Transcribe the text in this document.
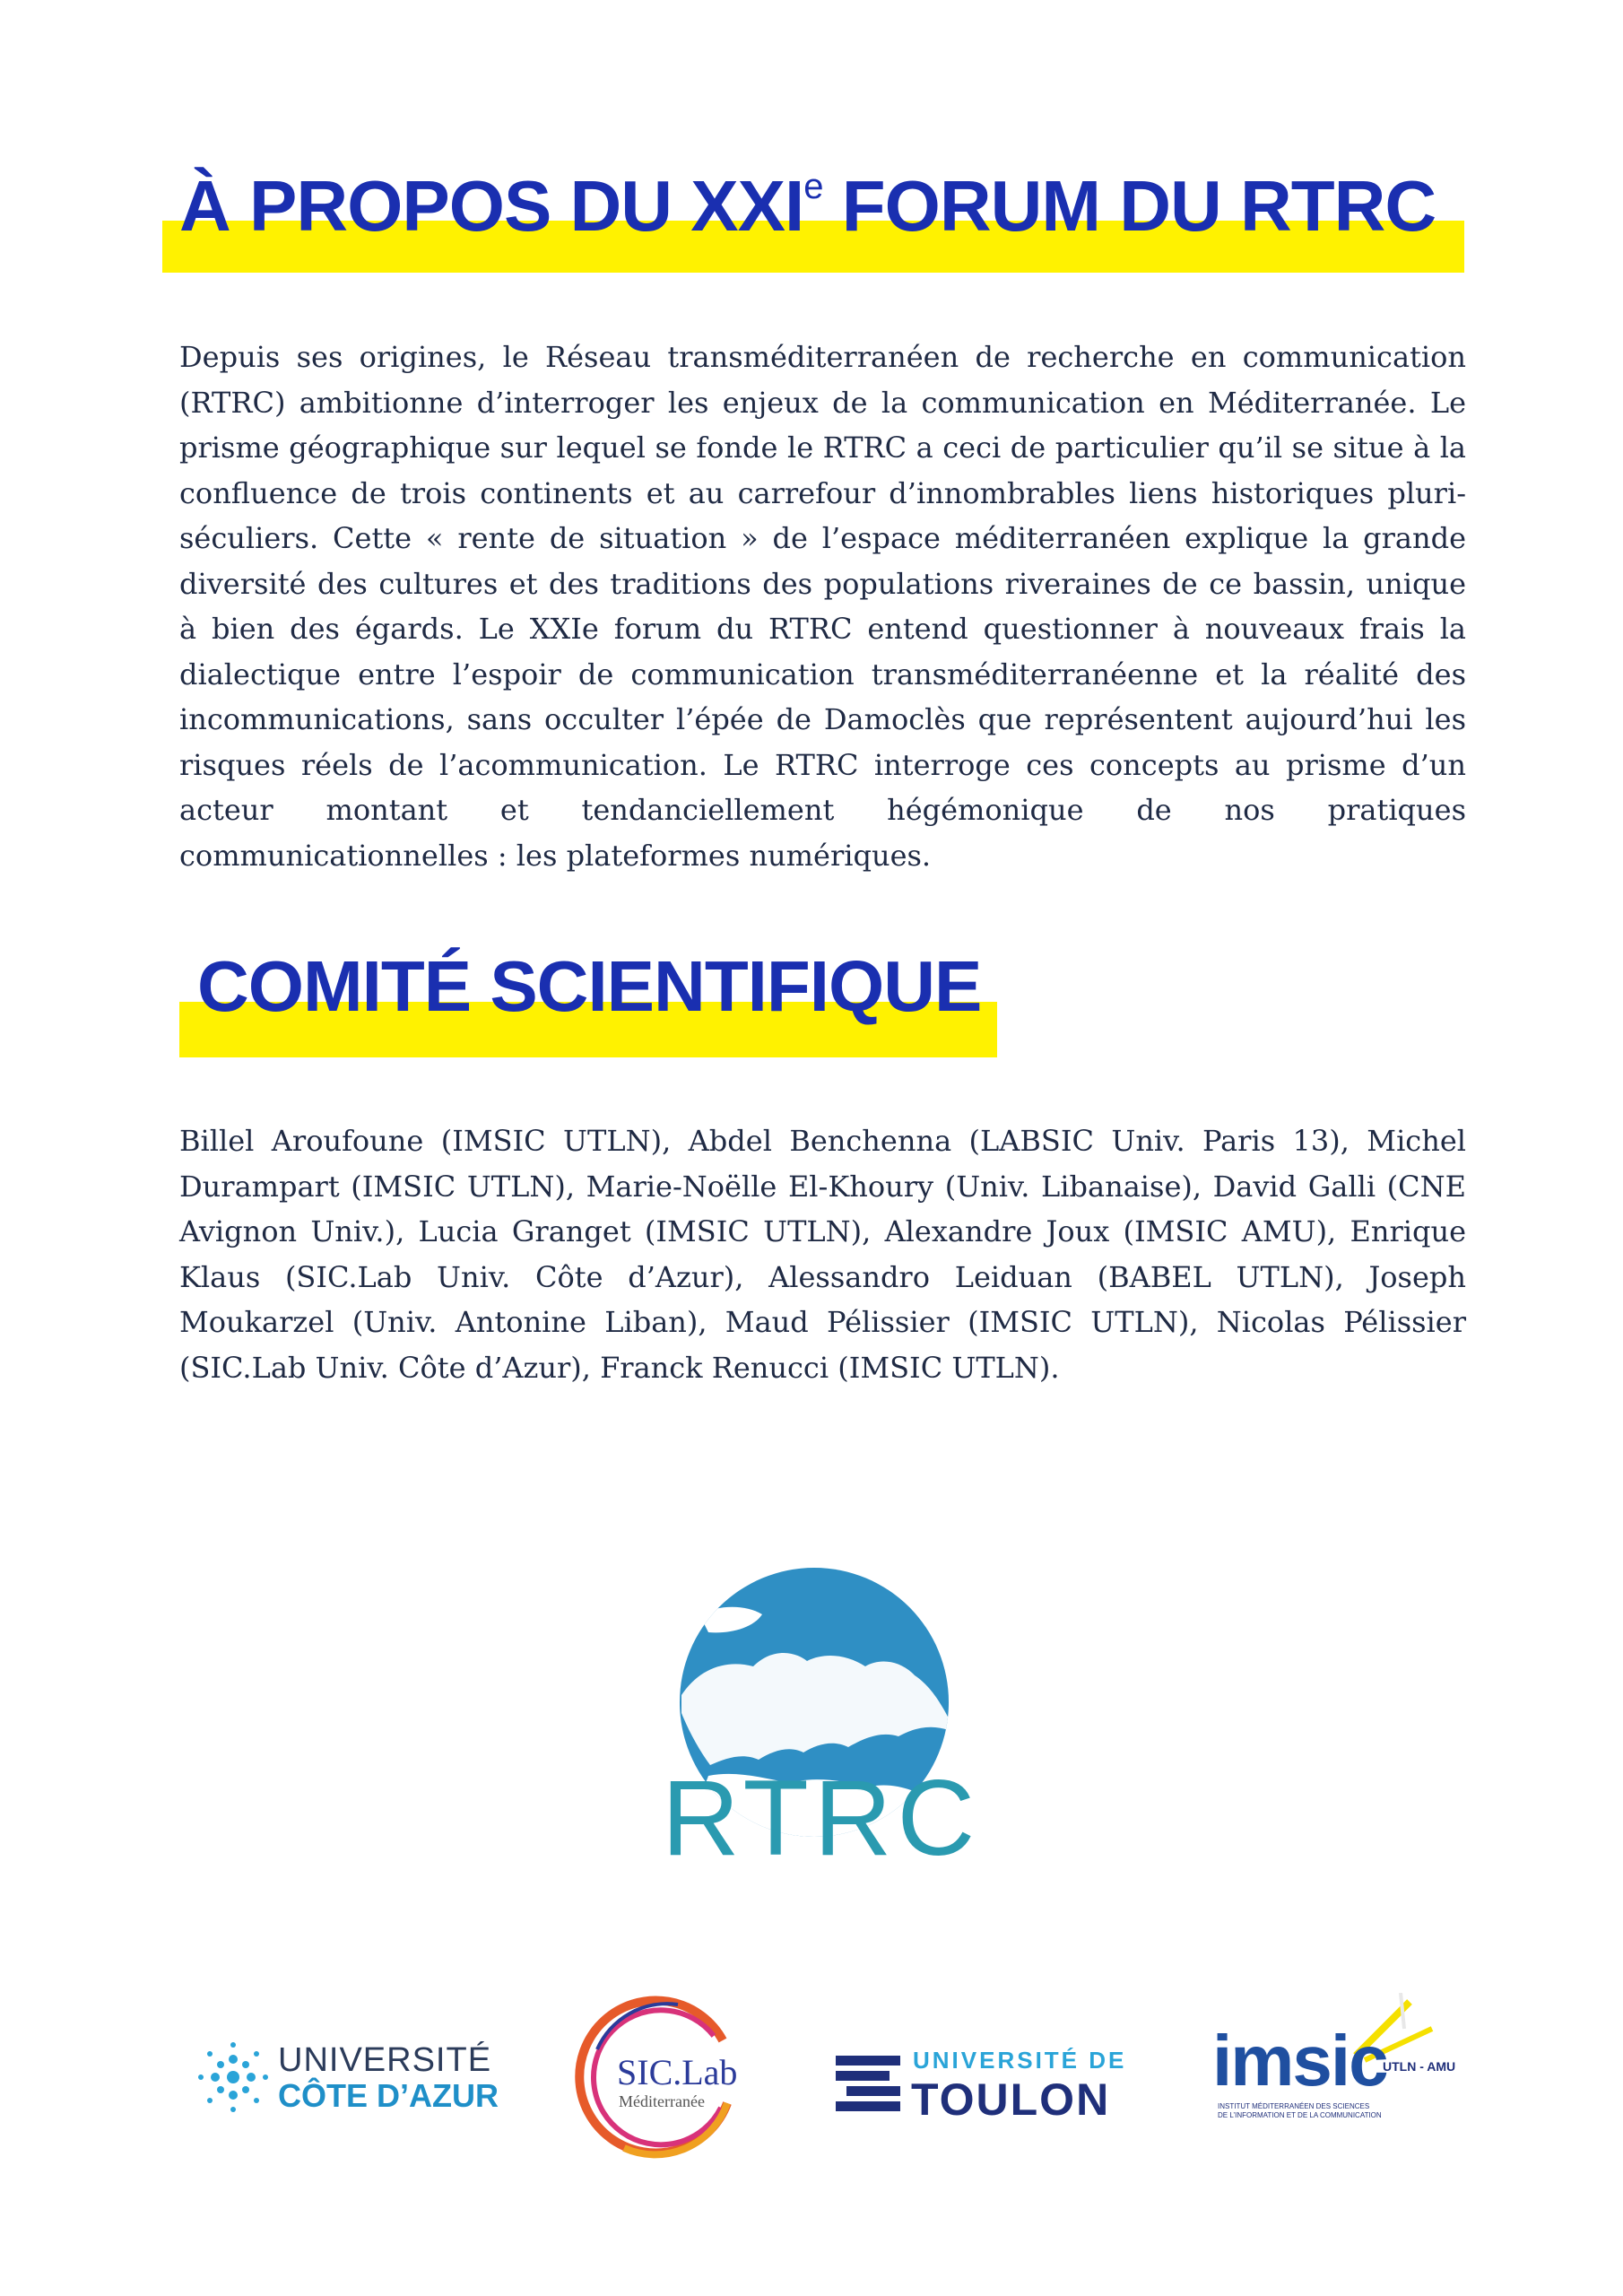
À PROPOS DU XXIe FORUM DU RTRC
Depuis ses origines, le Réseau transméditerranéen de recherche en communication (RTRC) ambitionne d’interroger les enjeux de la communication en Méditerranée. Le prisme géographique sur lequel se fonde le RTRC a ceci de particulier qu’il se situe à la confluence de trois continents et au carrefour d’innombrables liens historiques pluri-séculiers. Cette « rente de situation » de l’espace méditerranéen explique la grande diversité des cultures et des traditions des populations riveraines de ce bassin, unique à bien des égards. Le XXIe forum du RTRC entend questionner à nouveaux frais la dialectique entre l’espoir de communication transméditerranéenne et la réalité des incommunications, sans occulter l’épée de Damoclès que représentent aujourd’hui les risques réels de l’acommunication. Le RTRC interroge ces concepts au prisme d’un acteur montant et tendanciellement hégémonique de nos pratiques communicationnelles : les plateformes numériques.
COMITÉ SCIENTIFIQUE
Billel Aroufoune (IMSIC UTLN), Abdel Benchenna (LABSIC Univ. Paris 13), Michel Durampart (IMSIC UTLN), Marie-Noëlle El-Khoury (Univ. Libanaise), David Galli (CNE Avignon Univ.), Lucia Granget (IMSIC UTLN), Alexandre Joux (IMSIC AMU), Enrique Klaus (SIC.Lab Univ. Côte d’Azur), Alessandro Leiduan (BABEL UTLN), Joseph Moukarzel (Univ. Antonine Liban), Maud Pélissier (IMSIC UTLN), Nicolas Pélissier (SIC.Lab Univ. Côte d’Azur), Franck Renucci (IMSIC UTLN).
RTRC
UNIVERSITÉ
CÔTE D’AZUR
SIC.Lab
Méditerranée
UNIVERSITÉ DE
TOULON imsic
UTLN - AMU
INSTITUT MÉDITERRANÉEN DES SCIENCES
DE L’INFORMATION ET DE LA COMMUNICATION
